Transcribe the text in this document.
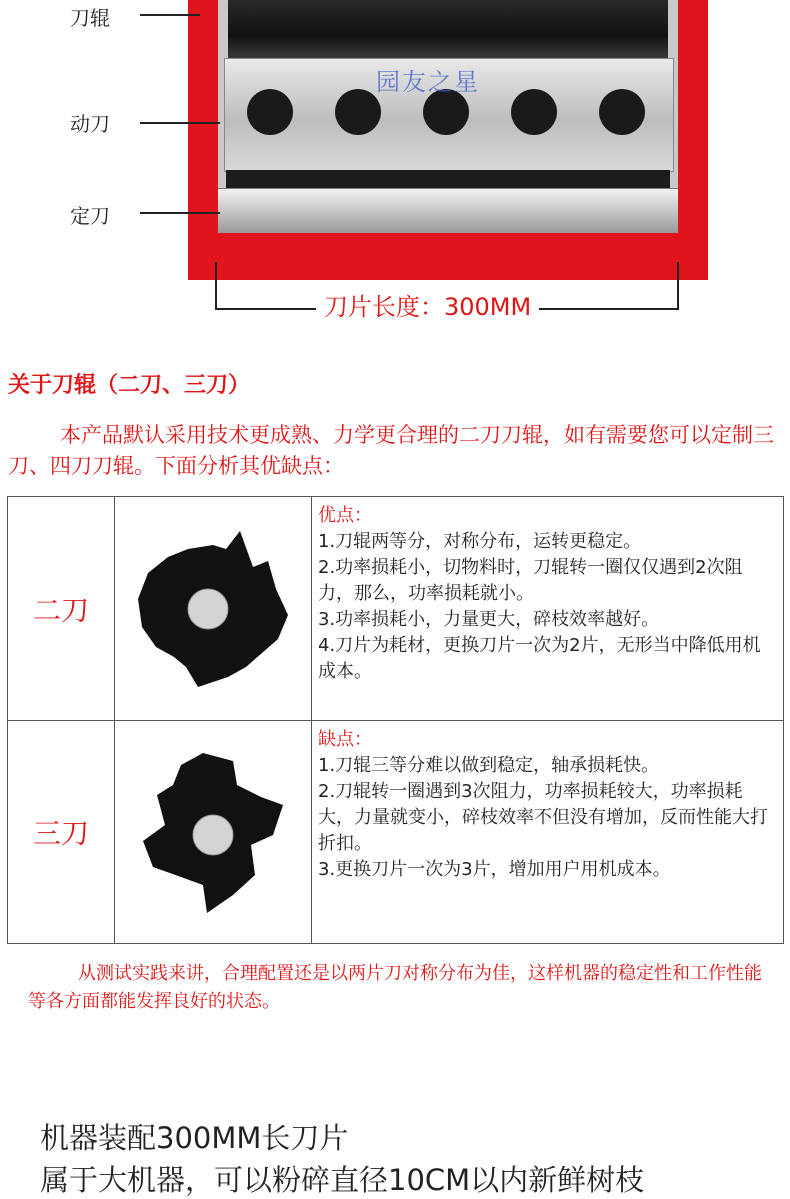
园友之星
刀辊
动刀
定刀
刀片长度：300MM
关于刀辊（二刀、三刀）
本产品默认采用技术更成熟、力学更合理的二刀刀辊，如有需要您可以定制三刀、四刀刀辊。下面分析其优缺点：
二刀		优点：
1.刀辊两等分，对称分布，运转更稳定。
2.功率损耗小，切物料时，刀辊转一圈仅仅遇到2次阻力，那么，功率损耗就小。
3.功率损耗小，力量更大，碎枝效率越好。
4.刀片为耗材，更换刀片一次为2片，无形当中降低用机成本。

三刀		缺点：
1.刀辊三等分难以做到稳定，轴承损耗快。
2.刀辊转一圈遇到3次阻力，功率损耗较大，功率损耗大，力量就变小，碎枝效率不但没有增加，反而性能大打折扣。
3.更换刀片一次为3片，增加用户用机成本。
从测试实践来讲，合理配置还是以两片刀对称分布为佳，这样机器的稳定性和工作性能等各方面都能发挥良好的状态。
机器装配300MM长刀片
属于大机器，可以粉碎直径10CM以内新鲜树枝
